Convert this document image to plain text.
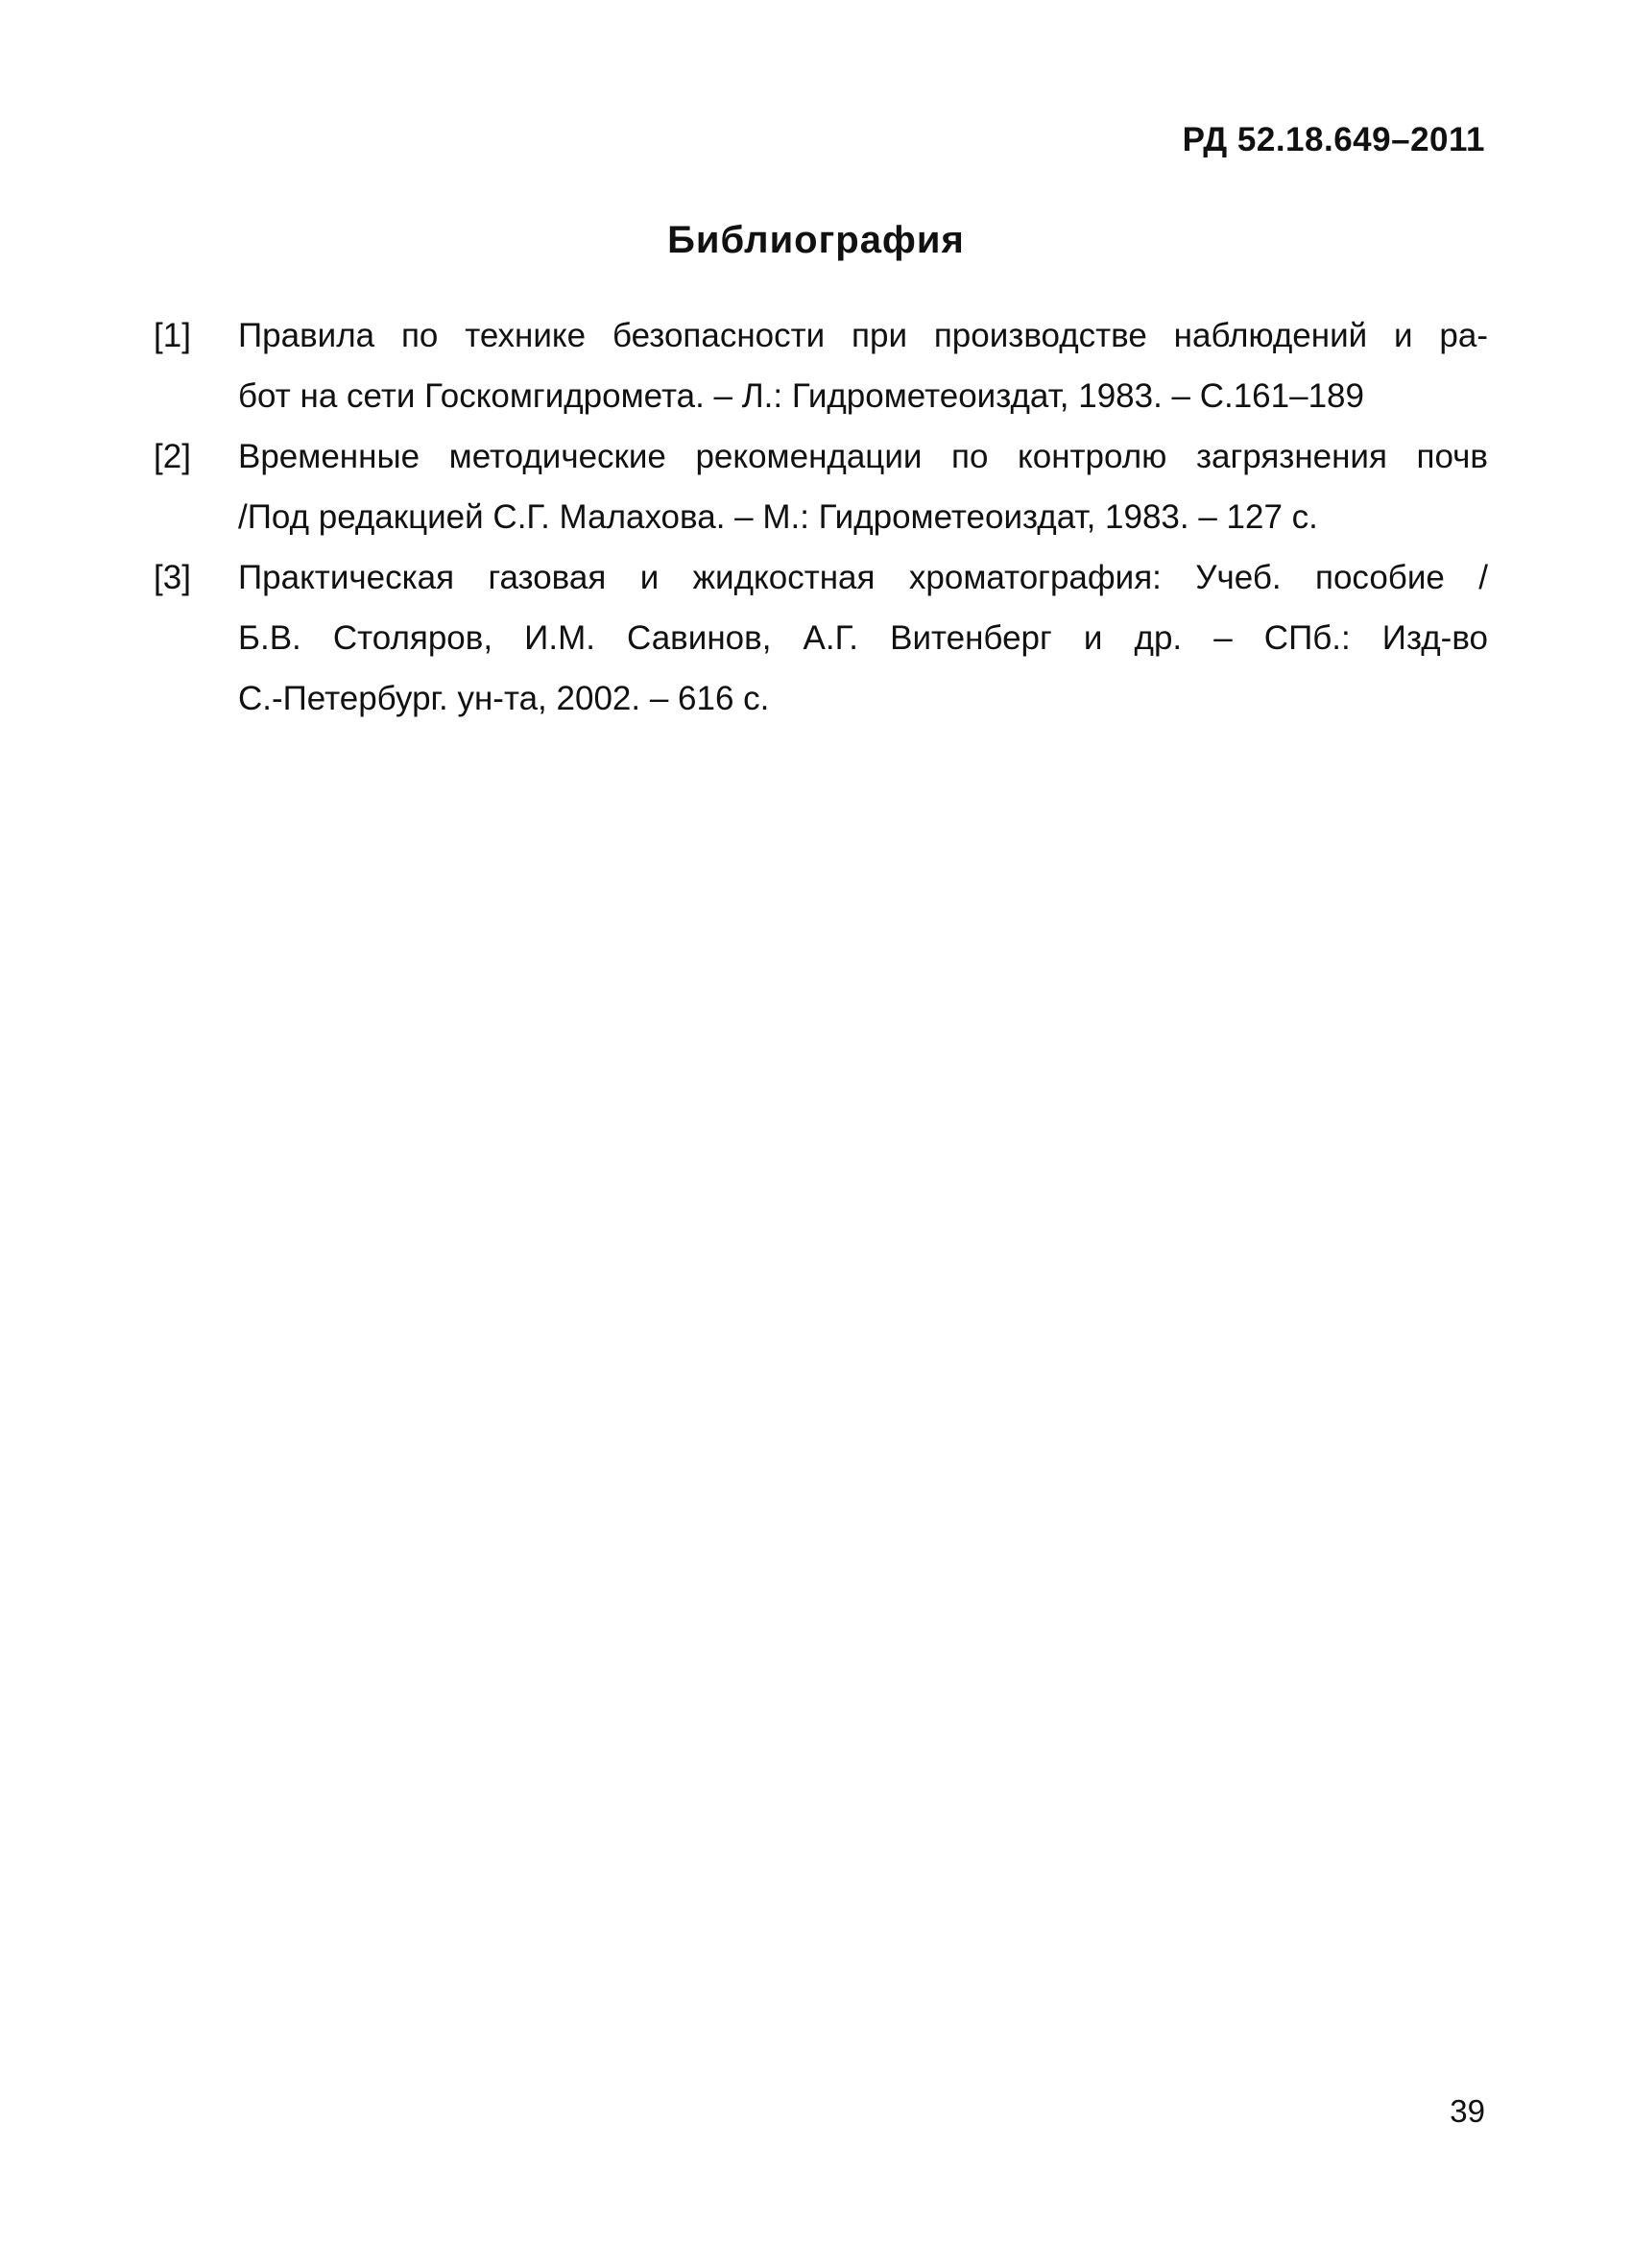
РД 52.18.649–2011
Библиография
[1]	Правила по технике безопасности при производстве наблюдений и ра-
бот на сети Госкомгидромета. – Л.: Гидрометеоиздат, 1983. – С.161–189
[2]	Временные методические рекомендации по контролю загрязнения почв
/Под редакцией С.Г. Малахова. – М.: Гидрометеоиздат, 1983. – 127 с.
[3]	Практическая газовая и жидкостная хроматография: Учеб. пособие /
Б.В. Столяров, И.М. Савинов, А.Г. Витенберг и др. – СПб.: Изд-во
С.-Петербург. ун-та, 2002. – 616 с.
39
